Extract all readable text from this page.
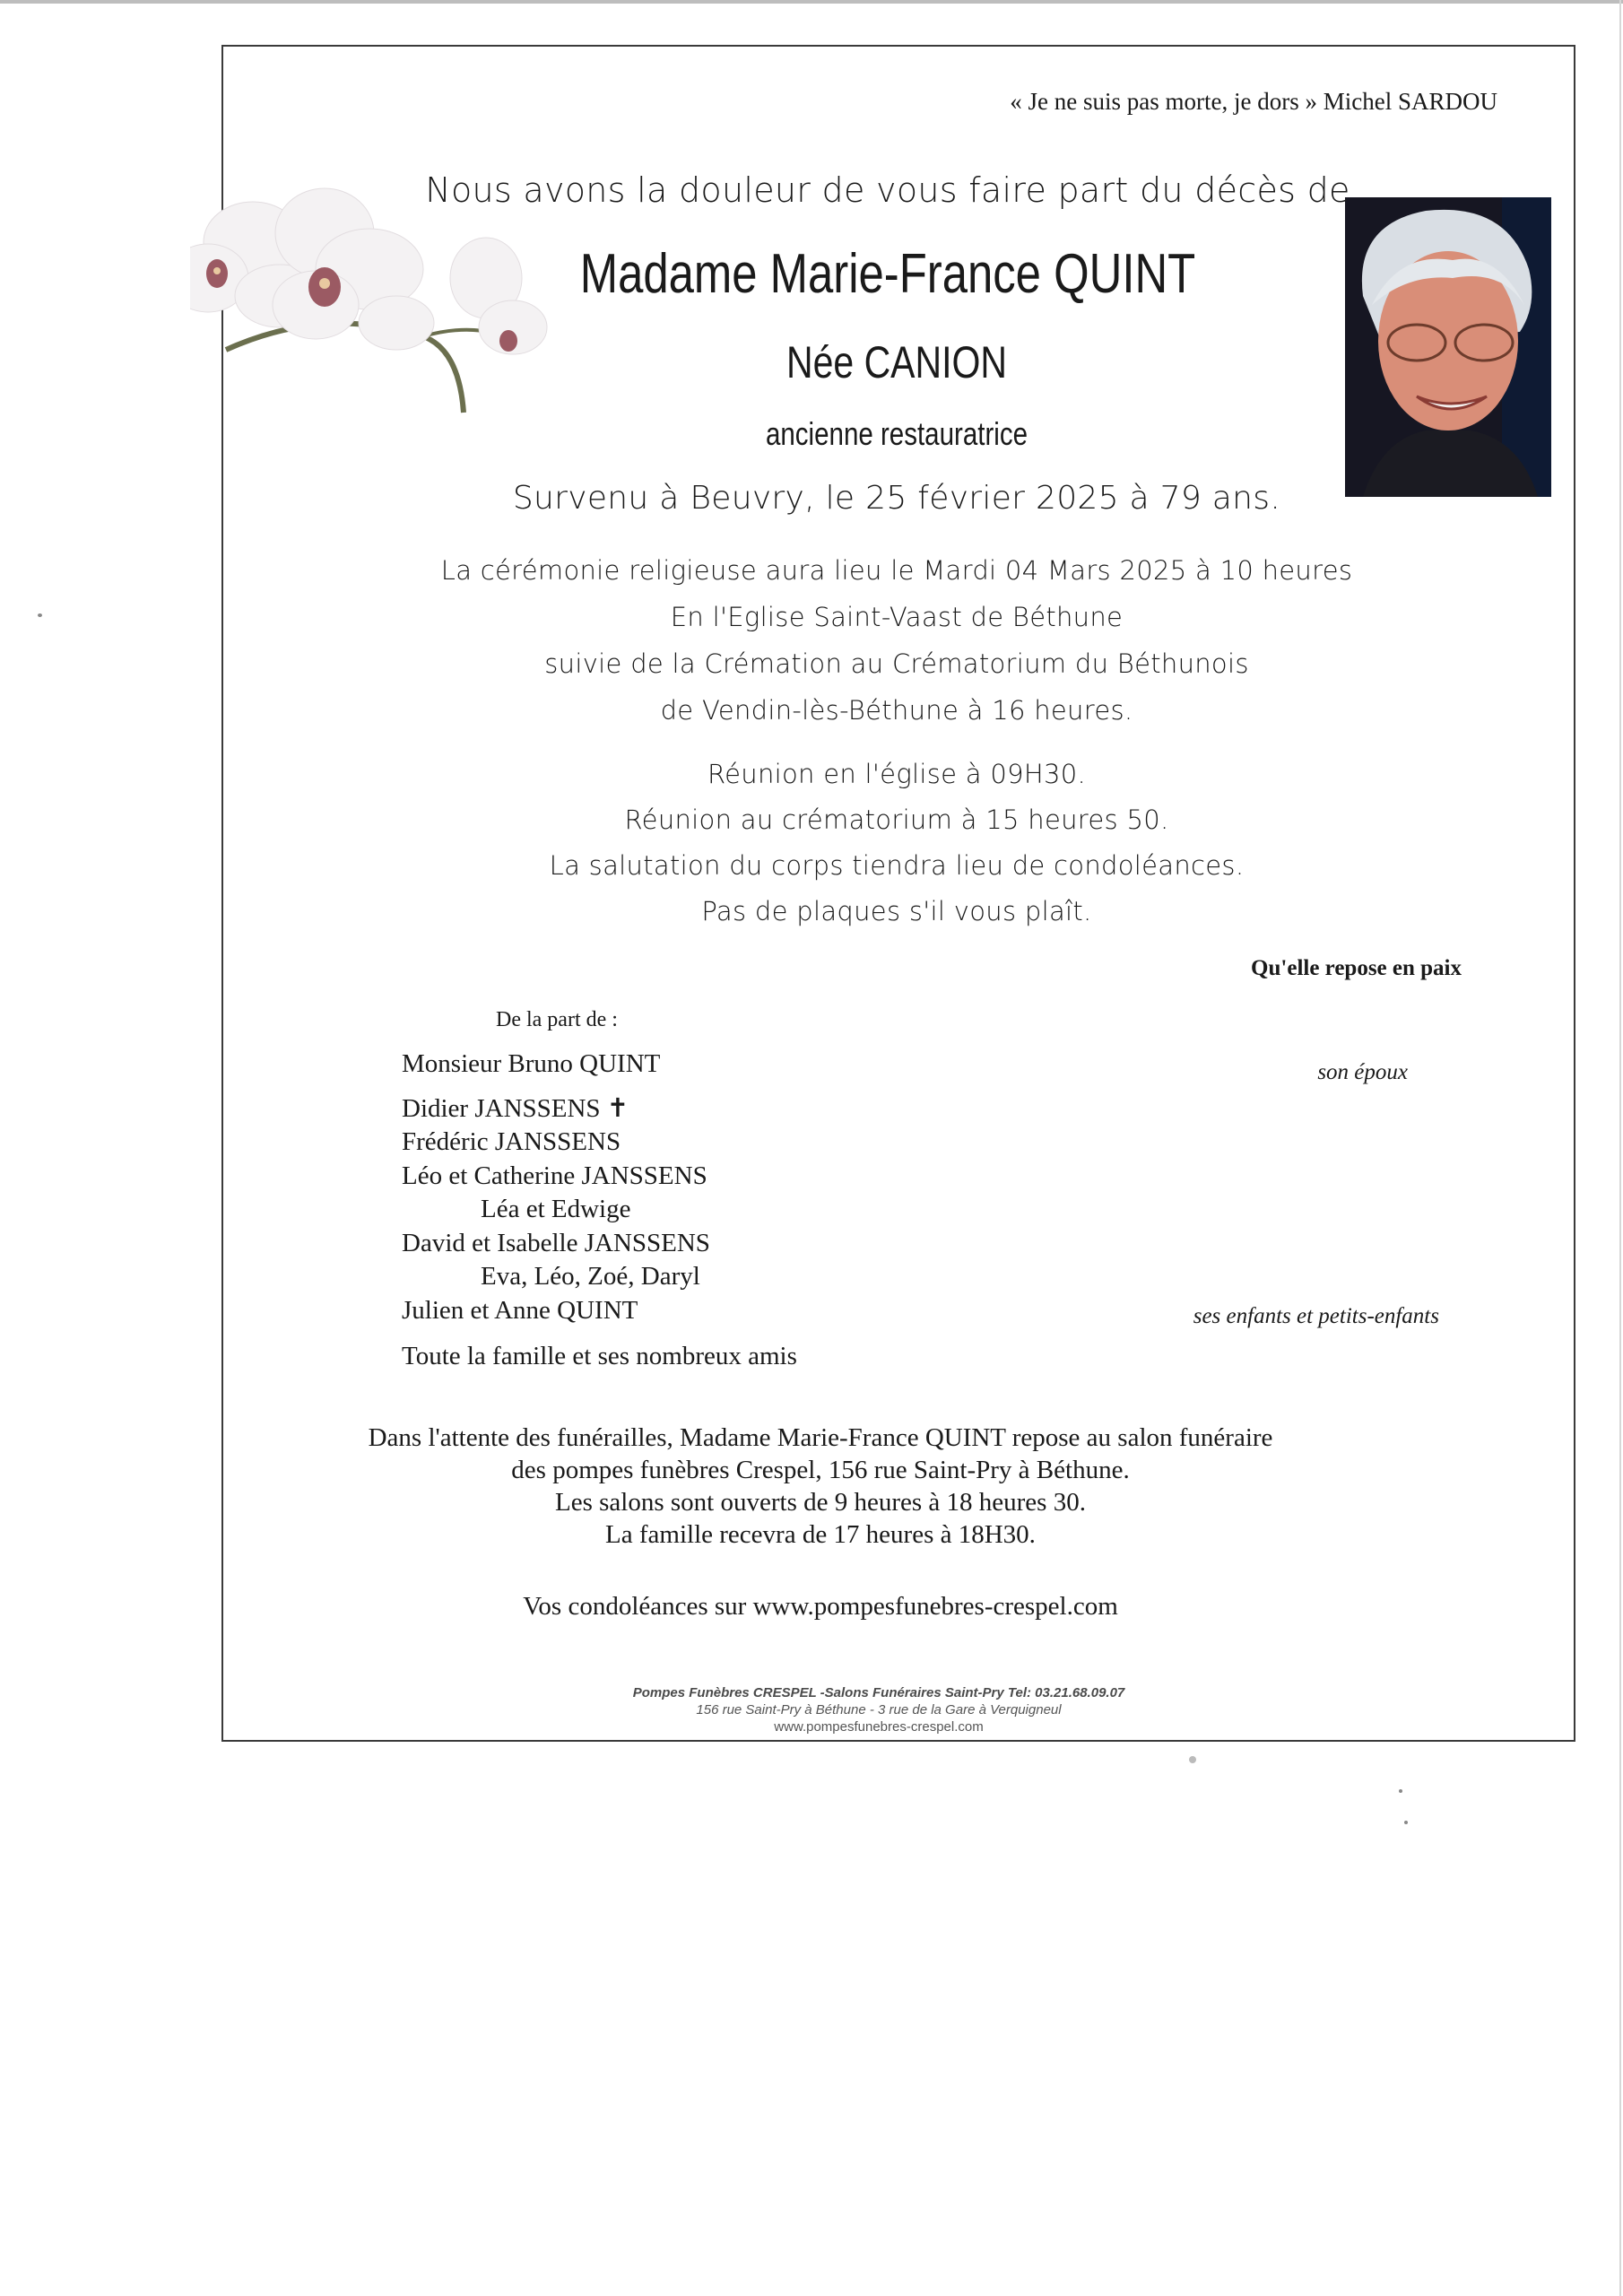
« Je ne suis pas morte, je dors » Michel SARDOU
Nous avons la douleur de vous faire part du décès de
Madame Marie-France QUINT
Née CANION
ancienne restauratrice
Survenu à Beuvry, le 25 février 2025 à 79 ans.
La cérémonie religieuse aura lieu le Mardi 04 Mars 2025 à 10 heures
En l'Eglise Saint-Vaast de Béthune
suivie de la Crémation au Crématorium du Béthunois
de Vendin-lès-Béthune à 16 heures.
Réunion en l'église à 09H30.
Réunion au crématorium à 15 heures 50.
La salutation du corps tiendra lieu de condoléances.
Pas de plaques s'il vous plaît.
Qu'elle repose en paix
De la part de :
Monsieur Bruno QUINT
Didier JANSSENS ✝
Frédéric JANSSENS
Léo et Catherine JANSSENS
Léa et Edwige
David et Isabelle JANSSENS
Eva, Léo, Zoé, Daryl
Julien et Anne QUINT
Toute la famille et ses nombreux amis
son époux
ses enfants et petits-enfants
Dans l'attente des funérailles, Madame Marie-France QUINT repose au salon funéraire
des pompes funèbres Crespel, 156 rue Saint-Pry à Béthune.
Les salons sont ouverts de 9 heures à 18 heures 30.
La famille recevra de 17 heures à 18H30.
Vos condoléances sur www.pompesfunebres-crespel.com
Pompes Funèbres CRESPEL -Salons Funéraires Saint-Pry Tel: 03.21.68.09.07
156 rue Saint-Pry à Béthune - 3 rue de la Gare à Verquigneul
www.pompesfunebres-crespel.com
